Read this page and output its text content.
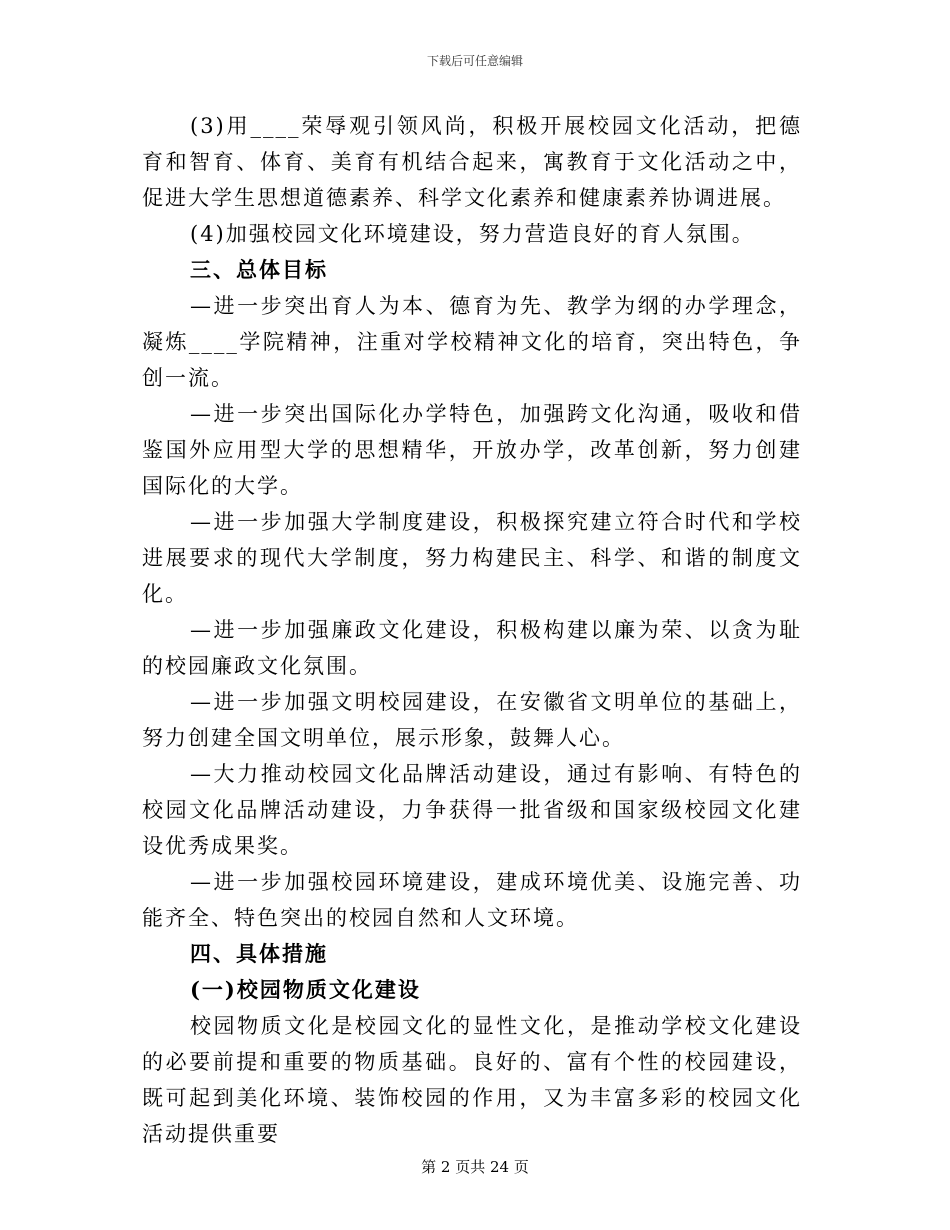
下载后可任意编辑

(3)用____荣辱观引领风尚，积极开展校园文化活动，把德育和智育、体育、美育有机结合起来，寓教育于文化活动之中，促进大学生思想道德素养、科学文化素养和健康素养协调进展。

(4)加强校园文化环境建设，努力营造良好的育人氛围。

三、总体目标

—进一步突出育人为本、德育为先、教学为纲的办学理念，凝炼____学院精神，注重对学校精神文化的培育，突出特色，争创一流。

—进一步突出国际化办学特色，加强跨文化沟通，吸收和借鉴国外应用型大学的思想精华，开放办学，改革创新，努力创建国际化的大学。

—进一步加强大学制度建设，积极探究建立符合时代和学校进展要求的现代大学制度，努力构建民主、科学、和谐的制度文化。

—进一步加强廉政文化建设，积极构建以廉为荣、以贪为耻的校园廉政文化氛围。

—进一步加强文明校园建设，在安徽省文明单位的基础上，努力创建全国文明单位，展示形象，鼓舞人心。

—大力推动校园文化品牌活动建设，通过有影响、有特色的校园文化品牌活动建设，力争获得一批省级和国家级校园文化建设优秀成果奖。

—进一步加强校园环境建设，建成环境优美、设施完善、功能齐全、特色突出的校园自然和人文环境。

四、具体措施

(一)校园物质文化建设

校园物质文化是校园文化的显性文化，是推动学校文化建设的必要前提和重要的物质基础。良好的、富有个性的校园建设，既可起到美化环境、装饰校园的作用，又为丰富多彩的校园文化活动提供重要

第 2 页共 24 页
